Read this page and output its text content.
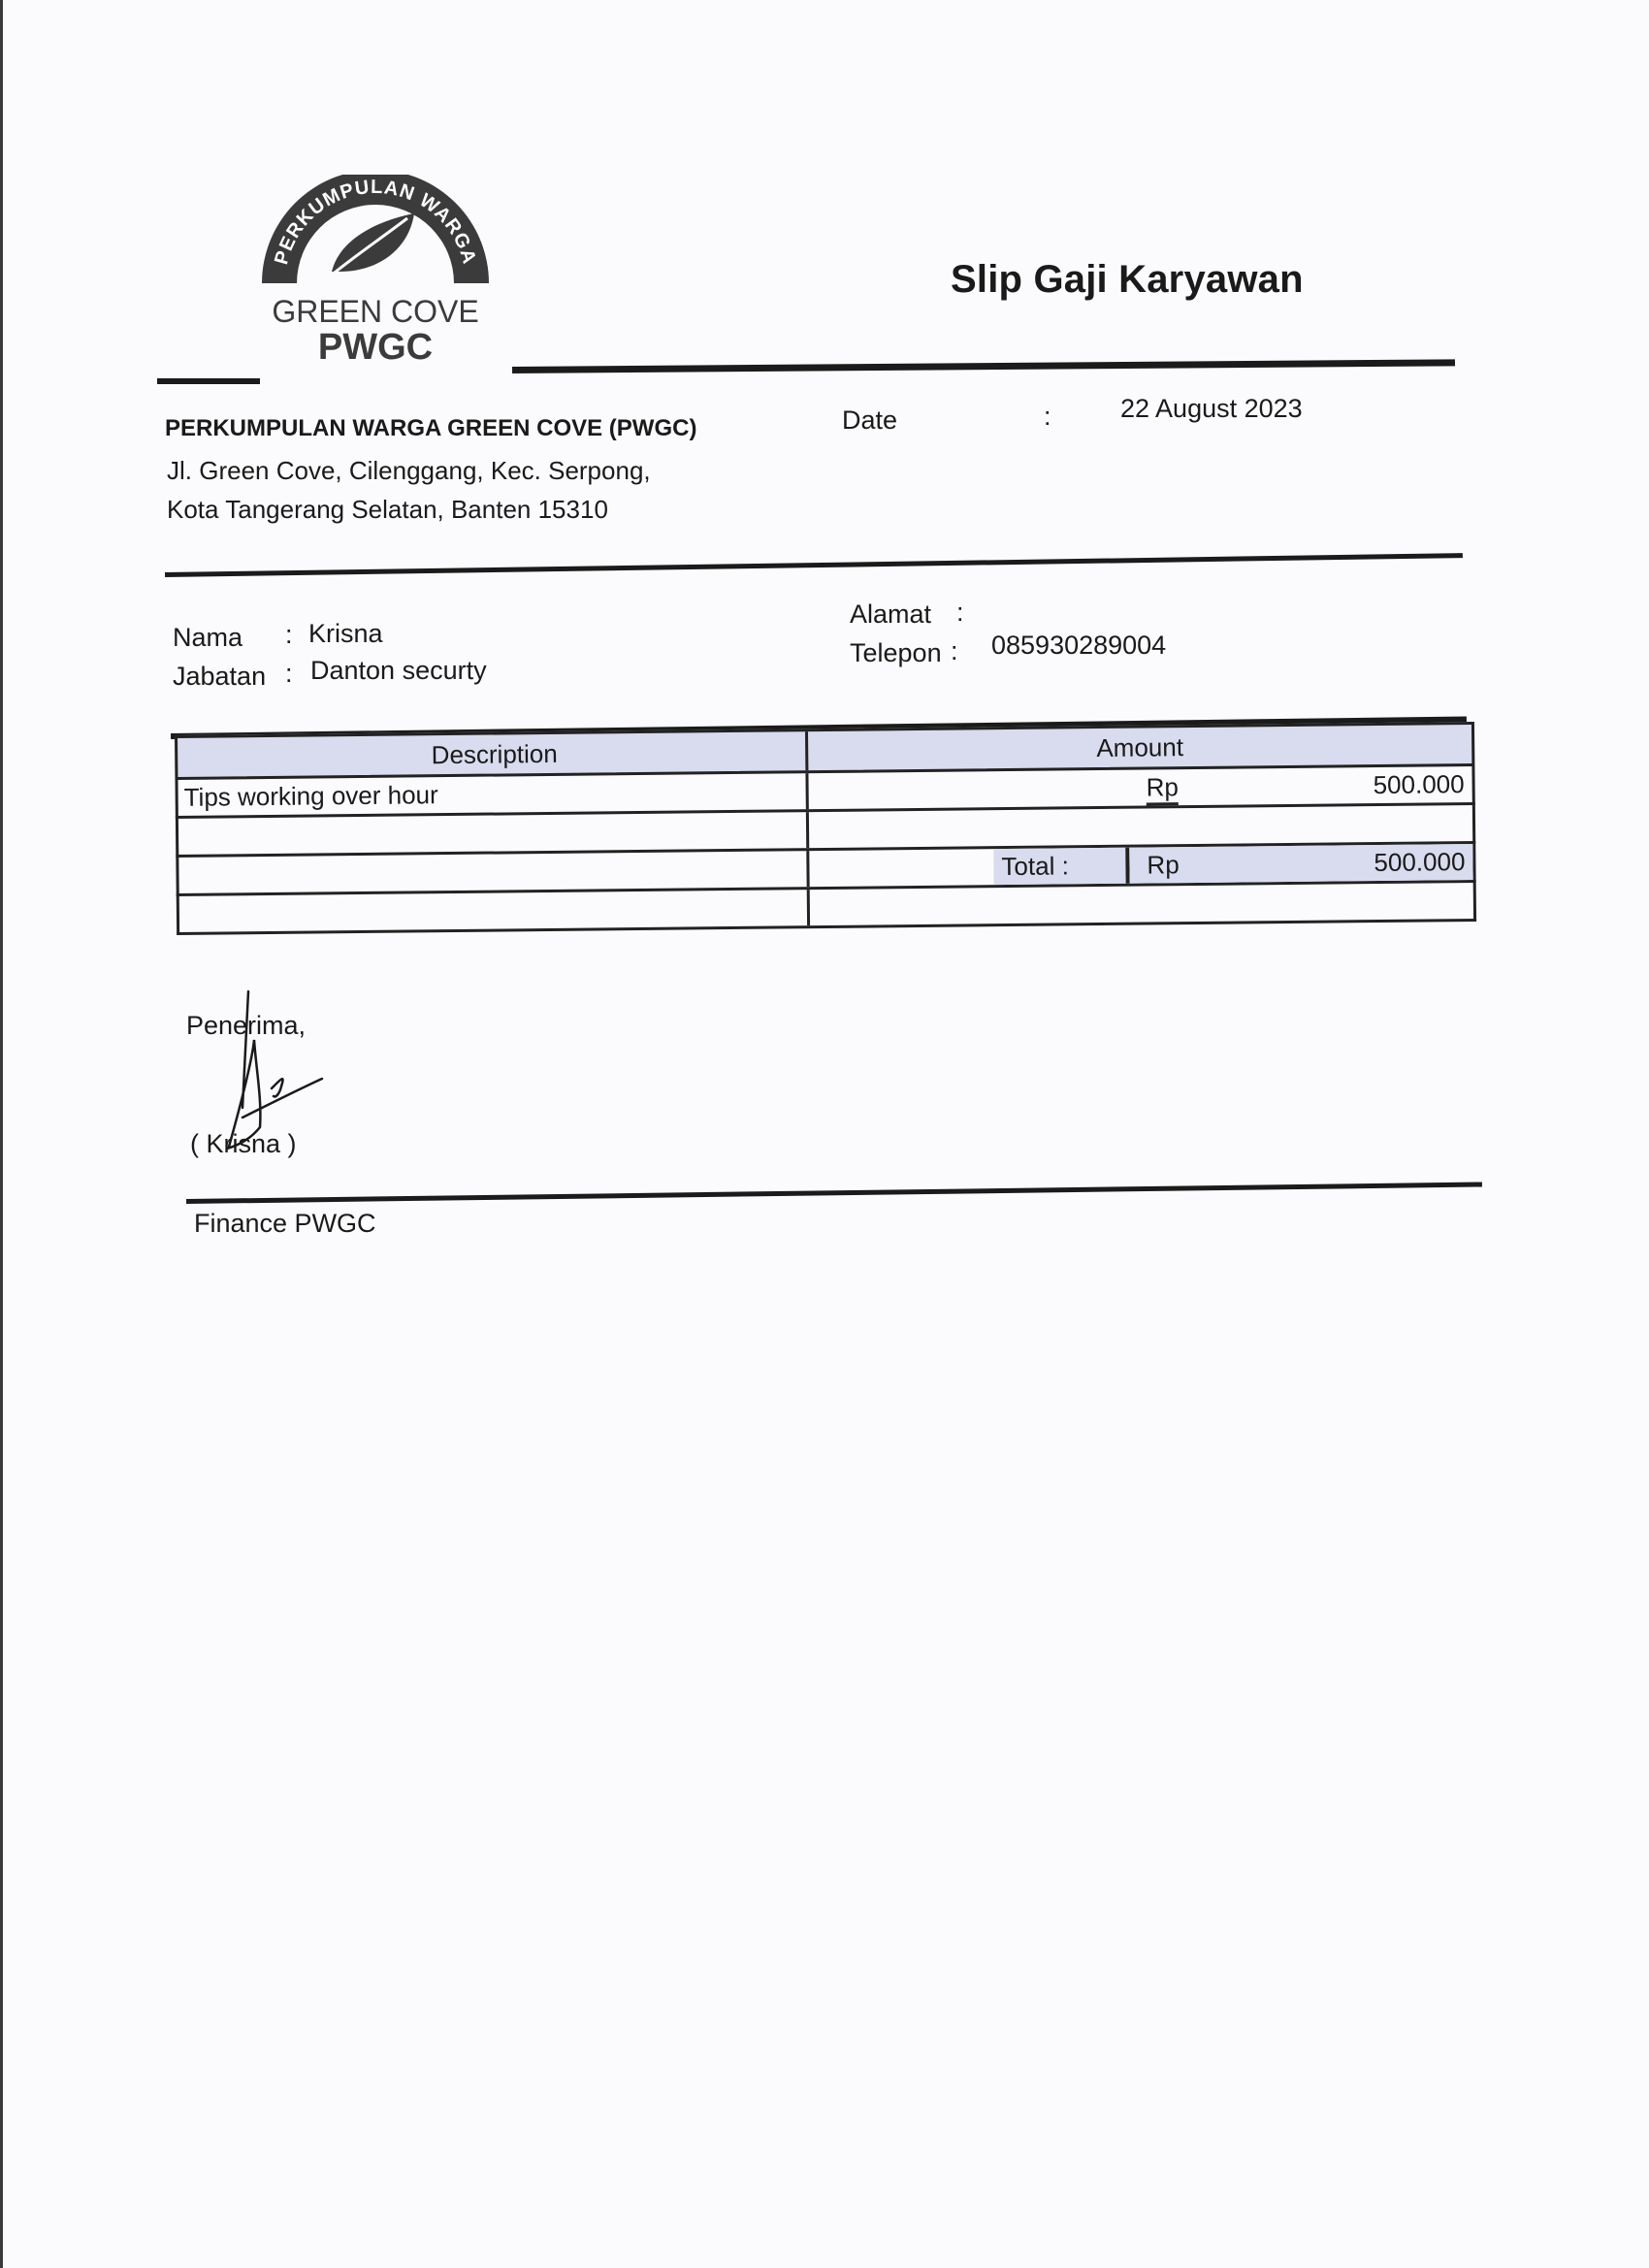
PERKUMPULAN WARGA
GREEN COVE
PWGC
Slip Gaji Karyawan
PERKUMPULAN WARGA GREEN COVE (PWGC)
Jl. Green Cove, Cilenggang, Kec. Serpong,
Kota Tangerang Selatan, Banten 15310
Date	:	22 August 2023
Nama : Krisna
Jabatan : Danton securty
Alamat :
Telepon : 085930289004
Description	Amount
Tips working over hour	Rp	500.000
Total :	Rp	500.000
Penerima,
( Krisna )
Finance PWGC
